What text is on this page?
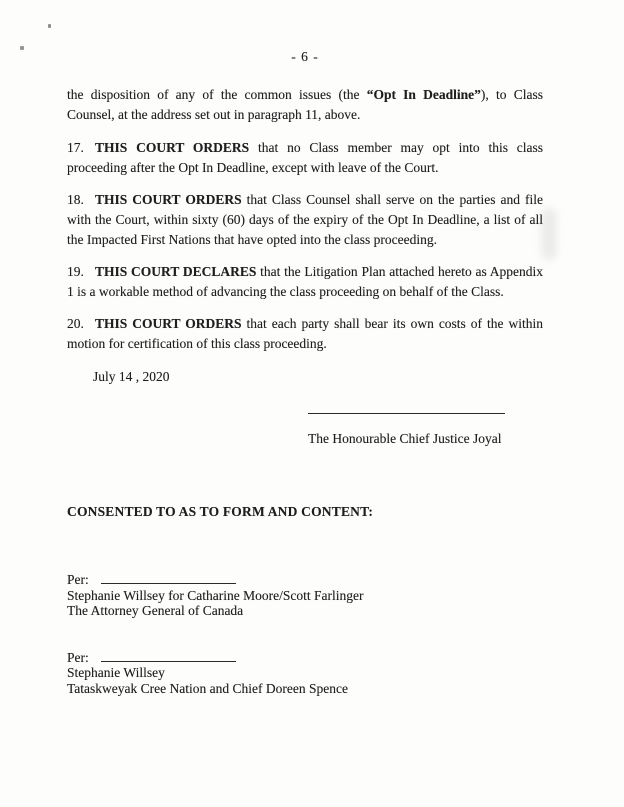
- 6 -

the disposition of any of the common issues (the “Opt In Deadline”), to Class Counsel, at the address set out in paragraph 11, above.

17. THIS COURT ORDERS that no Class member may opt into this class proceeding after the Opt In Deadline, except with leave of the Court.

18. THIS COURT ORDERS that Class Counsel shall serve on the parties and file with the Court, within sixty (60) days of the expiry of the Opt In Deadline, a list of all the Impacted First Nations that have opted into the class proceeding.

19. THIS COURT DECLARES that the Litigation Plan attached hereto as Appendix 1 is a workable method of advancing the class proceeding on behalf of the Class.

20. THIS COURT ORDERS that each party shall bear its own costs of the within motion for certification of this class proceeding.

July 14 , 2020
The Honourable Chief Justice Joyal
CONSENTED TO AS TO FORM AND CONTENT:
Per:
Stephanie Willsey for Catharine Moore/Scott Farlinger
The Attorney General of Canada
Per:
Stephanie Willsey
Tataskweyak Cree Nation and Chief Doreen Spence
